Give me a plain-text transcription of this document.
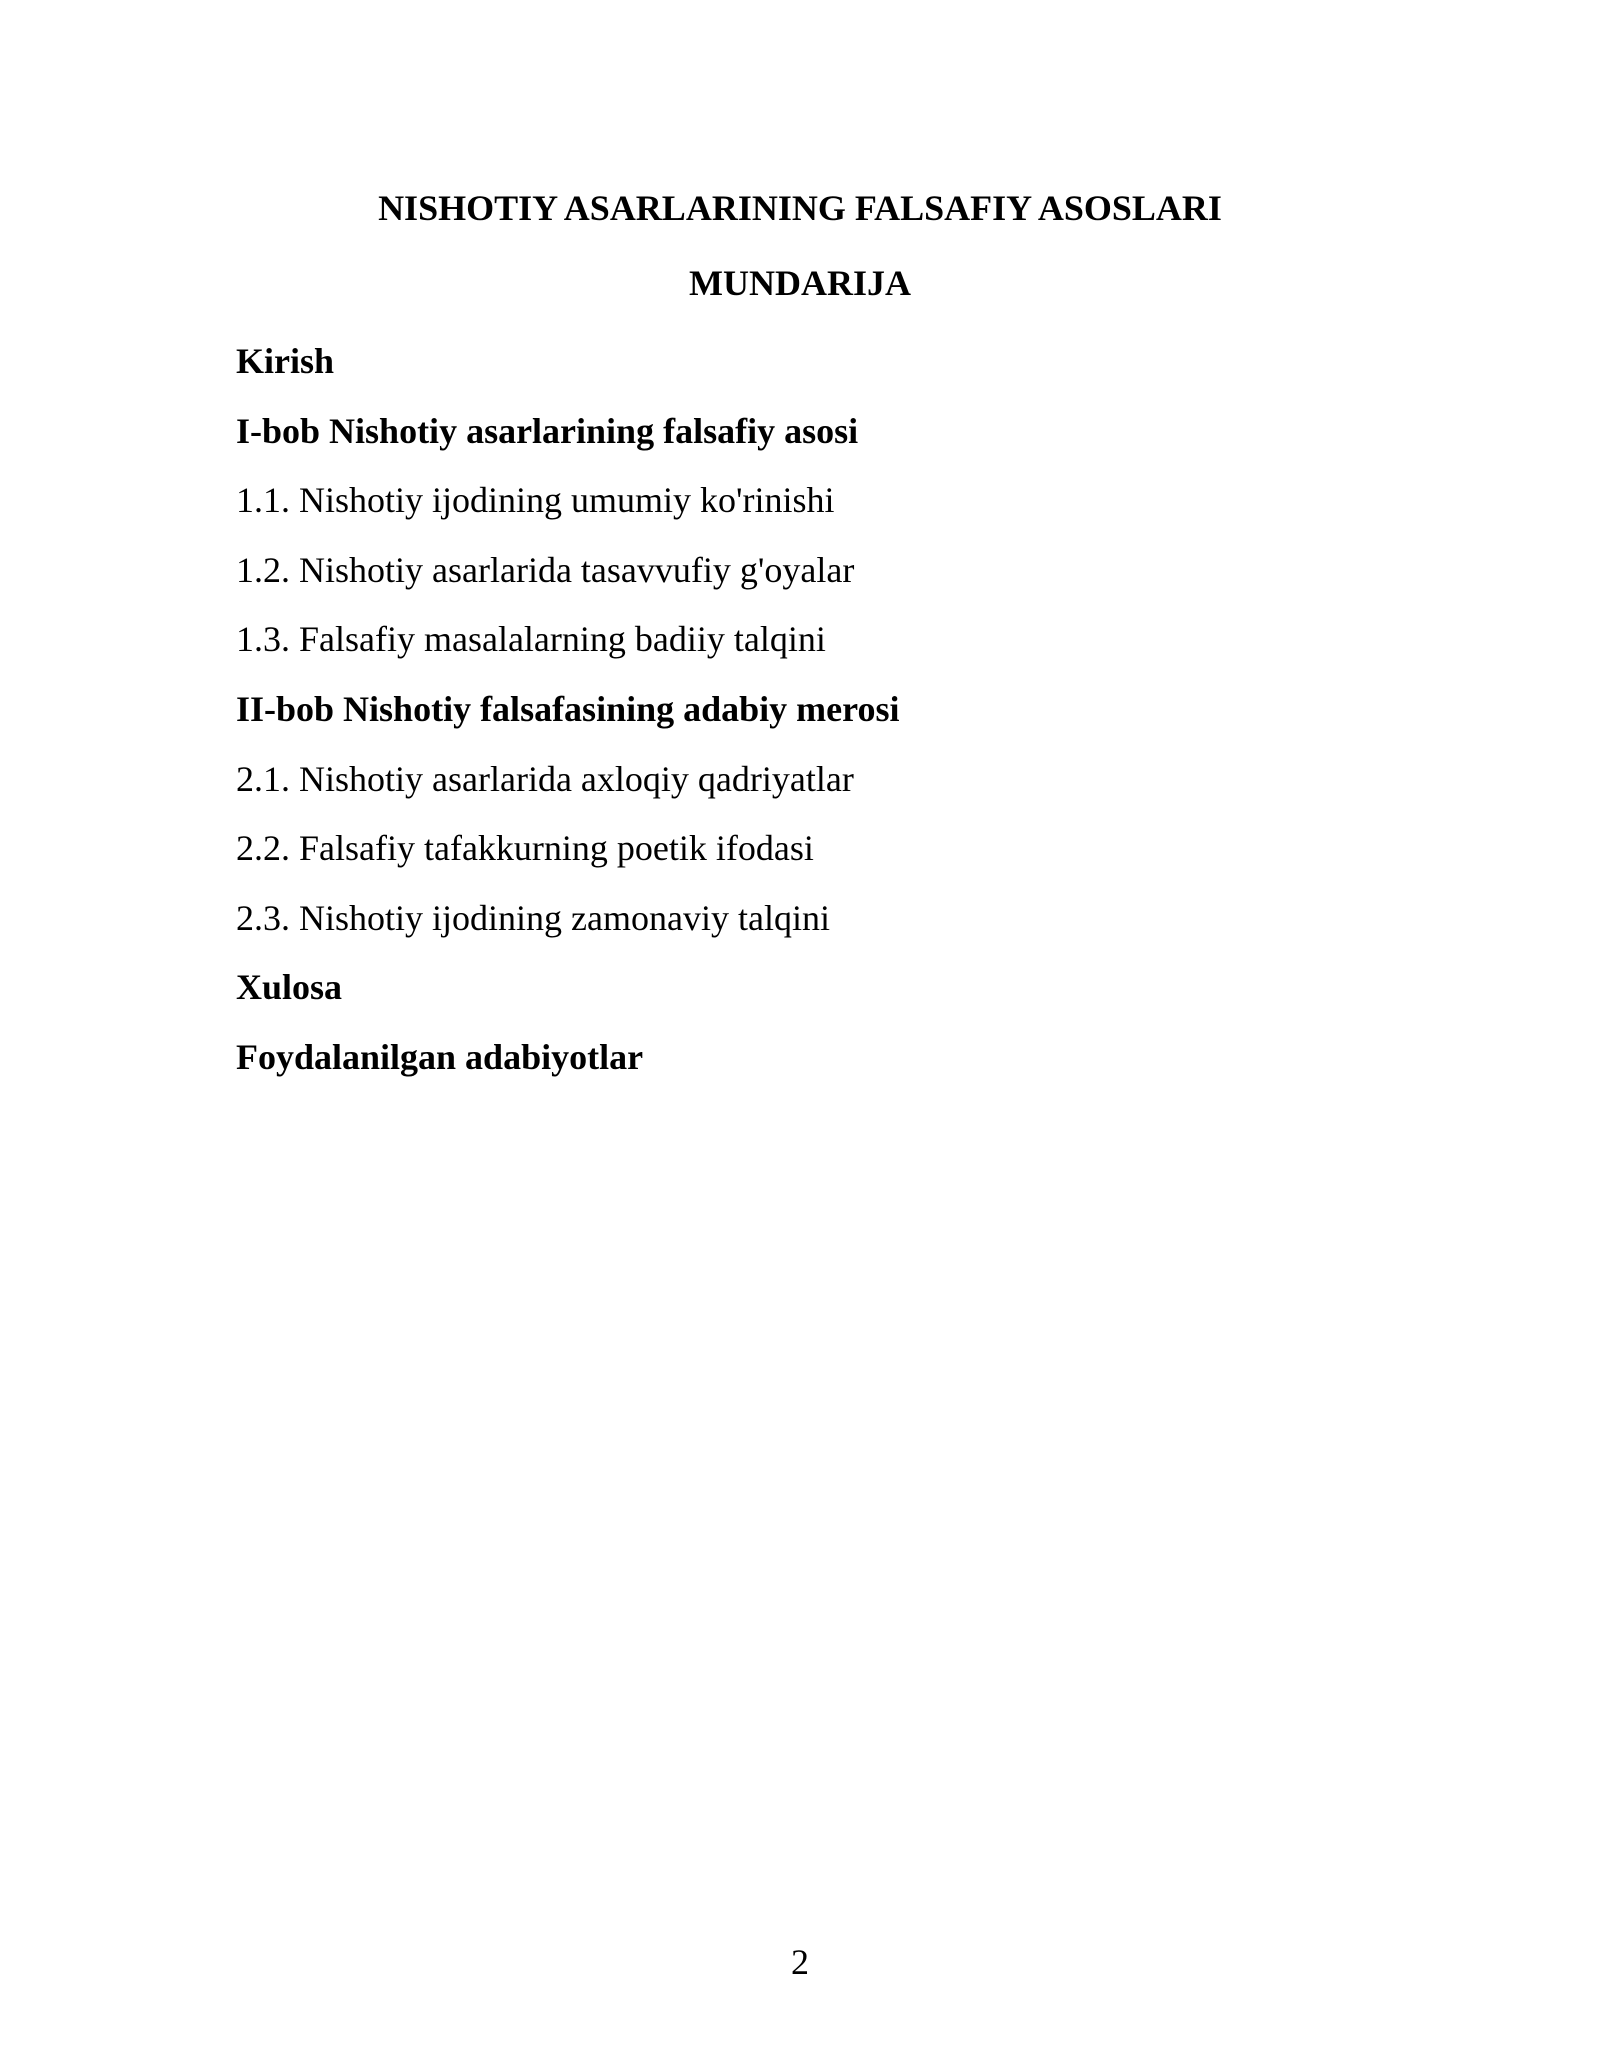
NISHOTIY ASARLARINING FALSAFIY ASOSLARI
MUNDARIJA
Kirish
I-bob Nishotiy asarlarining falsafiy asosi
1.1. Nishotiy ijodining umumiy ko'rinishi
1.2. Nishotiy asarlarida tasavvufiy g'oyalar
1.3. Falsafiy masalalarning badiiy talqini
II-bob Nishotiy falsafasining adabiy merosi
2.1. Nishotiy asarlarida axloqiy qadriyatlar
2.2. Falsafiy tafakkurning poetik ifodasi
2.3. Nishotiy ijodining zamonaviy talqini
Xulosa
Foydalanilgan adabiyotlar
2
